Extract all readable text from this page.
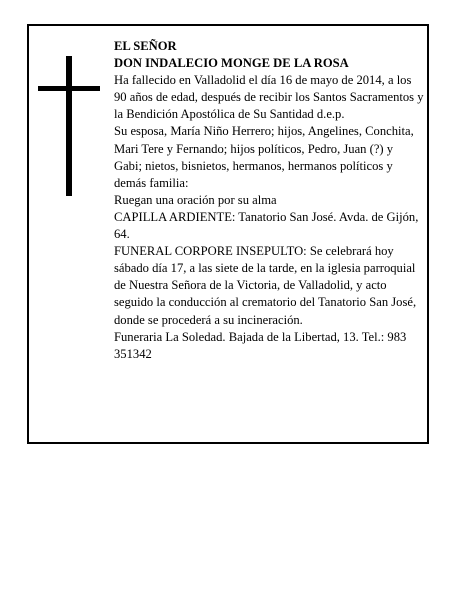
EL SEÑOR

DON INDALECIO MONGE DE LA ROSA

Ha fallecido en Valladolid el día 16 de mayo de 2014, a los 90 años de edad, después de recibir los Santos Sacramentos y la Bendición Apostólica de Su Santidad d.e.p.

Su esposa, María Niño Herrero; hijos, Angelines, Conchita, Mari Tere y Fernando; hijos políticos, Pedro, Juan (?) y Gabi; nietos, bisnietos, hermanos, hermanos políticos y demás familia:

Ruegan una oración por su alma

CAPILLA ARDIENTE: Tanatorio San José. Avda. de Gijón, 64.

FUNERAL CORPORE INSEPULTO: Se celebrará hoy sábado día 17, a las siete de la tarde, en la iglesia parroquial de Nuestra Señora de la Victoria, de Valladolid, y acto seguido la conducción al crematorio del Tanatorio San José, donde se procederá a su incineración.

Funeraria La Soledad. Bajada de la Libertad, 13. Tel.: 983 351342
